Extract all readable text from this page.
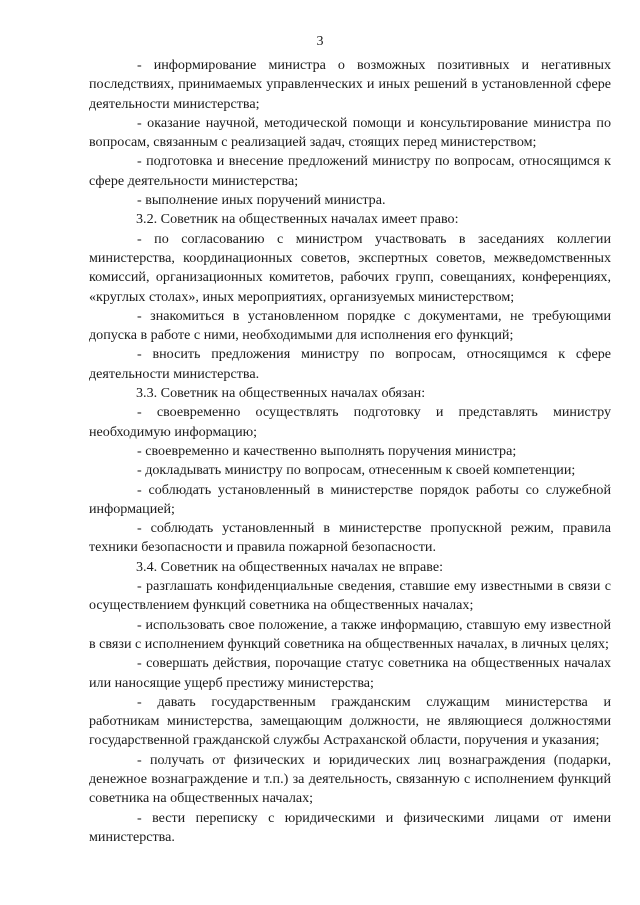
3

- информирование министра о возможных позитивных и негативных последствиях, принимаемых управленческих и иных решений в установленной сфере деятельности министерства;

- оказание научной, методической помощи и консультирование министра по вопросам, связанным с реализацией задач, стоящих перед министерством;

- подготовка и внесение предложений министру по вопросам, относящимся к сфере деятельности министерства;

- выполнение иных поручений министра.

3.2. Советник на общественных началах имеет право:

- по согласованию с министром участвовать в заседаниях коллегии министерства, координационных советов, экспертных советов, межведомственных комиссий, организационных комитетов, рабочих групп, совещаниях, конференциях, «круглых столах», иных мероприятиях, организуемых министерством;

- знакомиться в установленном порядке с документами, не требующими допуска в работе с ними, необходимыми для исполнения его функций;

- вносить предложения министру по вопросам, относящимся к сфере деятельности министерства.

3.3. Советник на общественных началах обязан:

- своевременно осуществлять подготовку и представлять министру необходимую информацию;

- своевременно и качественно выполнять поручения министра;

- докладывать министру по вопросам, отнесенным к своей компетенции;

- соблюдать установленный в министерстве порядок работы со служебной информацией;

- соблюдать установленный в министерстве пропускной режим, правила техники безопасности и правила пожарной безопасности.

3.4. Советник на общественных началах не вправе:

- разглашать конфиденциальные сведения, ставшие ему известными в связи с осуществлением функций советника на общественных началах;

- использовать свое положение, а также информацию, ставшую ему известной в связи с исполнением функций советника на общественных началах, в личных целях;

- совершать действия, порочащие статус советника на общественных началах или наносящие ущерб престижу министерства;

- давать государственным гражданским служащим министерства и работникам министерства, замещающим должности, не являющиеся должностями государственной гражданской службы Астраханской области, поручения и указания;

- получать от физических и юридических лиц вознаграждения (подарки, денежное вознаграждение и т.п.) за деятельность, связанную с исполнением функций советника на общественных началах;

- вести переписку с юридическими и физическими лицами от имени министерства.
